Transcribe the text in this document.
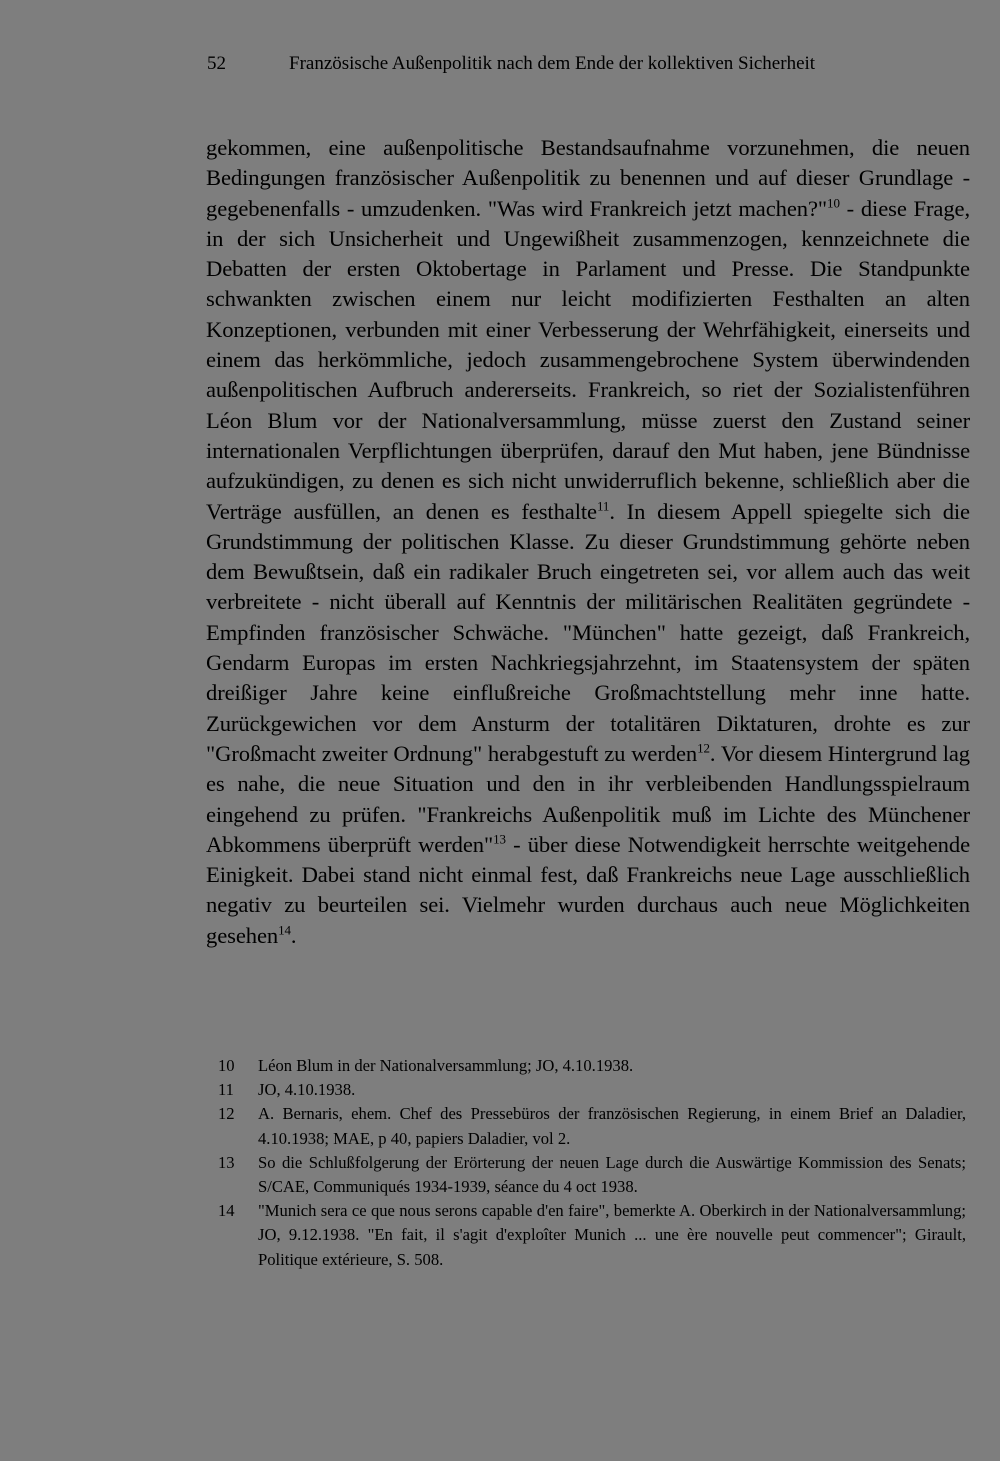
52	Französische Außenpolitik nach dem Ende der kollektiven Sicherheit

gekommen, eine außenpolitische Bestandsaufnahme vorzunehmen, die neuen Bedingungen französischer Außenpolitik zu benennen und auf dieser Grundlage - gegebenenfalls - umzudenken. "Was wird Frankreich jetzt machen?"$^{10}$ - diese Frage, in der sich Unsicherheit und Ungewißheit zusammenzogen, kennzeichnete die Debatten der ersten Oktobertage in Parlament und Presse. Die Standpunkte schwankten zwischen einem nur leicht modifizierten Festhalten an alten Konzeptionen, verbunden mit einer Verbesserung der Wehrfähigkeit, einerseits und einem das herkömmliche, jedoch zusammengebrochene System überwindenden außenpolitischen Aufbruch andererseits. Frankreich, so riet der Sozialistenführen Léon Blum vor der Nationalversammlung, müsse zuerst den Zustand seiner internationalen Verpflichtungen überprüfen, darauf den Mut haben, jene Bündnisse aufzukündigen, zu denen es sich nicht unwiderruflich bekenne, schließlich aber die Verträge ausfüllen, an denen es festhalte$^{11}$. In diesem Appell spiegelte sich die Grundstimmung der politischen Klasse. Zu dieser Grundstimmung gehörte neben dem Bewußtsein, daß ein radikaler Bruch eingetreten sei, vor allem auch das weit verbreitete - nicht überall auf Kenntnis der militärischen Realitäten gegründete - Empfinden französischer Schwäche. "München" hatte gezeigt, daß Frankreich, Gendarm Europas im ersten Nachkriegsjahrzehnt, im Staatensystem der späten dreißiger Jahre keine einflußreiche Großmachtstellung mehr inne hatte. Zurückgewichen vor dem Ansturm der totalitären Diktaturen, drohte es zur "Großmacht zweiter Ordnung" herabgestuft zu werden$^{12}$. Vor diesem Hintergrund lag es nahe, die neue Situation und den in ihr verbleibenden Handlungsspielraum eingehend zu prüfen. "Frankreichs Außenpolitik muß im Lichte des Münchener Abkommens überprüft werden"$^{13}$ - über diese Notwendigkeit herrschte weitgehende Einigkeit. Dabei stand nicht einmal fest, daß Frankreichs neue Lage ausschließlich negativ zu beurteilen sei. Vielmehr wurden durchaus auch neue Möglichkeiten gesehen$^{14}$.

10	Léon Blum in der Nationalversammlung; JO, 4.10.1938.
11	JO, 4.10.1938.
12	A. Bernaris, ehem. Chef des Pressebüros der französischen Regierung, in einem Brief an Daladier, 4.10.1938; MAE, p 40, papiers Daladier, vol 2.
13	So die Schlußfolgerung der Erörterung der neuen Lage durch die Auswärtige Kommission des Senats; S/CAE, Communiqués 1934-1939, séance du 4 oct 1938.
14	"Munich sera ce que nous serons capable d'en faire", bemerkte A. Oberkirch in der Nationalversammlung; JO, 9.12.1938. "En fait, il s'agit d'exploîter Munich ... une ère nouvelle peut commencer"; Girault, Politique extérieure, S. 508.
